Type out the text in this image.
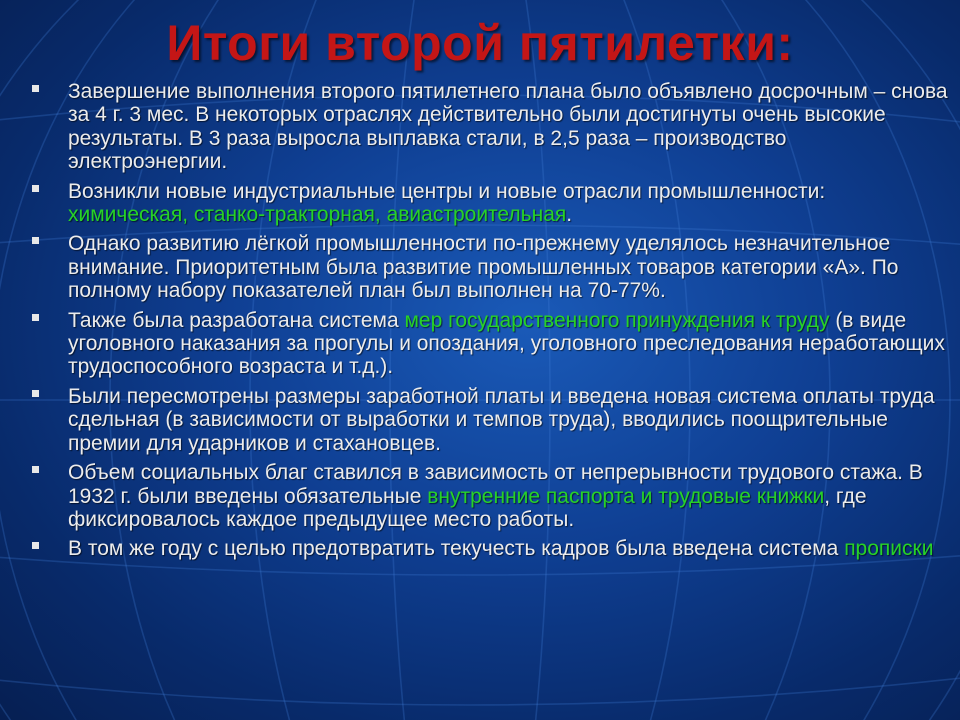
Итоги второй пятилетки:
Завершение выполнения второго пятилетнего плана было объявлено досрочным – снова за 4 г. 3 мес. В некоторых отраслях действительно были достигнуты очень высокие результаты. В 3 раза выросла выплавка стали, в 2,5 раза – производство электроэнергии.
Возникли новые индустриальные центры и новые отрасли промышленности: химическая, станко-тракторная, авиастроительная.
Однако развитию лёгкой промышленности по-прежнему уделялось незначительное внимание. Приоритетным была развитие промышленных товаров категории «А». По полному набору показателей план был выполнен на 70-77%.
Также была разработана система мер государственного принуждения к труду (в виде уголовного наказания за прогулы и опоздания, уголовного преследования неработающих трудоспособного возраста и т.д.).
Были пересмотрены размеры заработной платы и введена новая система оплаты труда сдельная (в зависимости от выработки и темпов труда), вводились поощрительные премии для ударников и стахановцев.
Объем социальных благ ставился в зависимость от непрерывности трудового стажа. В 1932 г. были введены обязательные внутренние паспорта и трудовые книжки, где фиксировалось каждое предыдущее место работы.
В том же году с целью предотвратить текучесть кадров была введена система прописки
